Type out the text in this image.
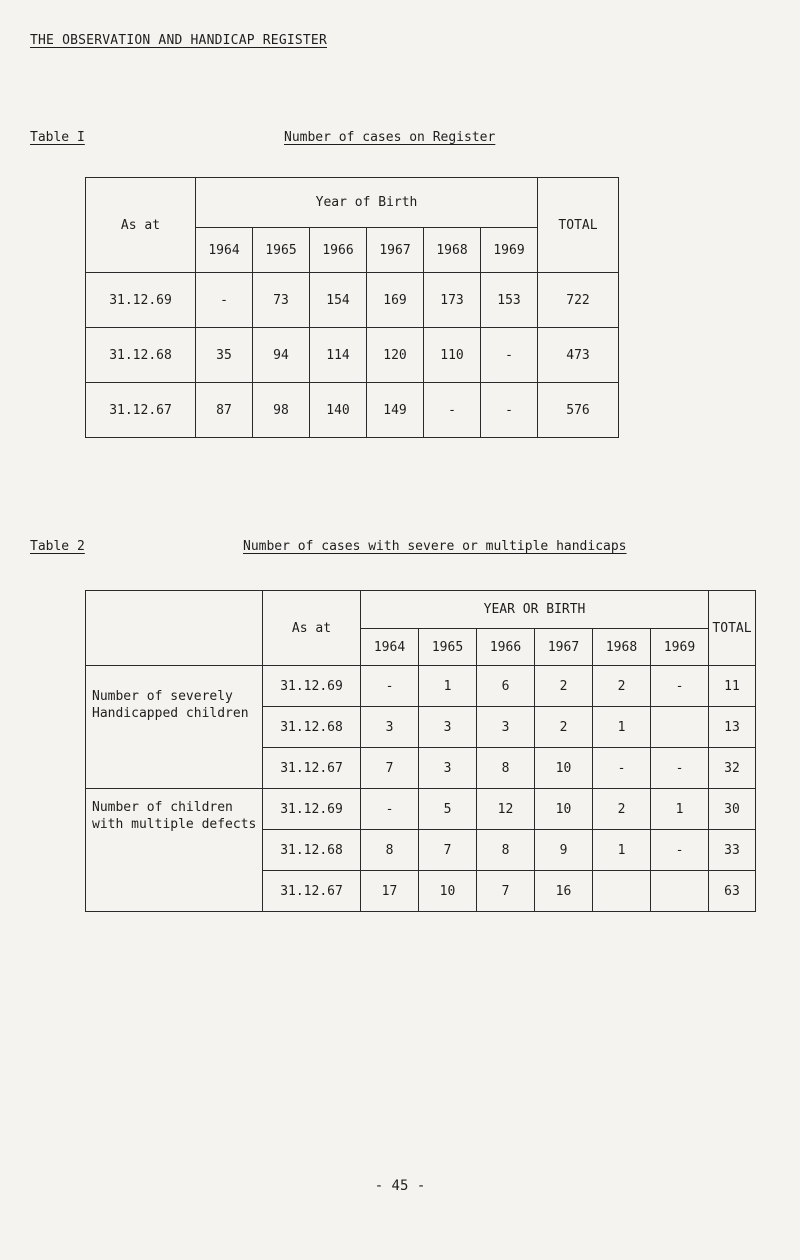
THE OBSERVATION AND HANDICAP REGISTER
Table I	Number of cases on Register
As at	Year of Birth						TOTAL
	1964	1965	1966	1967	1968	1969	
31.12.69	-	73	154	169	173	153	722
31.12.68	35	94	114	120	110	-	473
31.12.67	87	98	140	149	-	-	576
Table 2	Number of cases with severe or multiple handicaps
	As at	YEAR OR BIRTH						TOTAL
		1964	1965	1966	1967	1968	1969	
Number of severely Handicapped children	31.12.69	-	1	6	2	2	-	11
	31.12.68	3	3	3	2	1		13
	31.12.67	7	3	8	10	-	-	32
Number of children with multiple defects	31.12.69	-	5	12	10	2	1	30
	31.12.68	8	7	8	9	1	-	33
	31.12.67	17	10	7	16			63
- 45 -
